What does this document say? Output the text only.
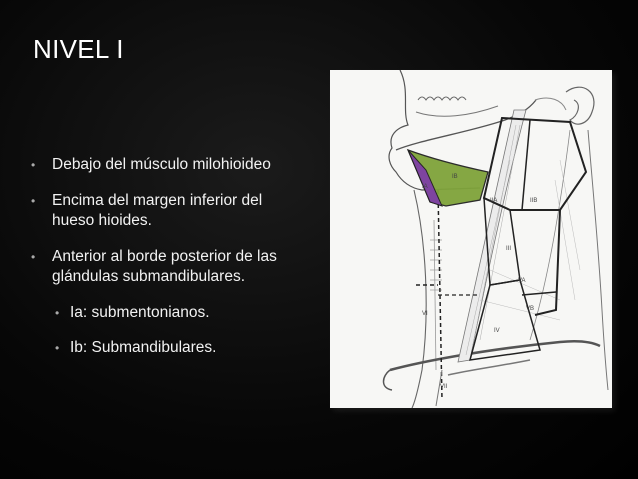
NIVEL I
• Debajo del músculo milohioideo
• Encima del margen inferior del hueso hioides.
• Anterior al borde posterior de las glándulas submandibulares.
• Ia: submentonianos.
• Ib: Submandibulares.
IB
IA
IIA	IIB
III
VA
VB
VI
IV
VII
